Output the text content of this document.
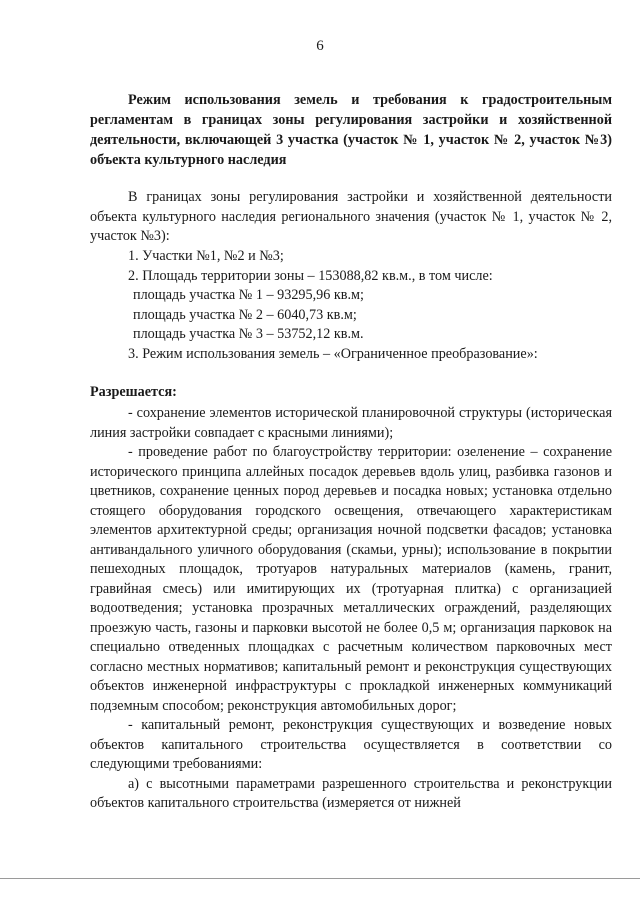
6

Режим использования земель и требования к градостроительным регламентам в границах зоны регулирования застройки и хозяйственной деятельности, включающей 3 участка (участок № 1, участок № 2, участок №3) объекта культурного наследия

В границах зоны регулирования застройки и хозяйственной деятельности объекта культурного наследия регионального значения (участок № 1, участок № 2, участок №3):

1. Участки №1, №2 и №3;
2. Площадь территории зоны – 153088,82 кв.м., в том числе:
площадь участка № 1 – 93295,96 кв.м;
площадь участка № 2 – 6040,73 кв.м;
площадь участка № 3 – 53752,12 кв.м.
3. Режим использования земель – «Ограниченное преобразование»:

Разрешается:

- сохранение элементов исторической планировочной структуры (историческая линия застройки совпадает с красными линиями);

- проведение работ по благоустройству территории: озеленение – сохранение исторического принципа аллейных посадок деревьев вдоль улиц, разбивка газонов и цветников, сохранение ценных пород деревьев и посадка новых; установка отдельно стоящего оборудования городского освещения, отвечающего характеристикам элементов архитектурной среды; организация ночной подсветки фасадов; установка антивандального уличного оборудования (скамьи, урны); использование в покрытии пешеходных площадок, тротуаров натуральных материалов (камень, гранит, гравийная смесь) или имитирующих их (тротуарная плитка) с организацией водоотведения; установка прозрачных металлических ограждений, разделяющих проезжую часть, газоны и парковки высотой не более 0,5 м; организация парковок на специально отведенных площадках с расчетным количеством парковочных мест согласно местных нормативов; капитальный ремонт и реконструкция существующих объектов инженерной инфраструктуры с прокладкой инженерных коммуникаций подземным способом; реконструкция автомобильных дорог;

- капитальный ремонт, реконструкция существующих и возведение новых объектов капитального строительства осуществляется в соответствии со следующими требованиями:

а) с высотными параметрами разрешенного строительства и реконструкции объектов капитального строительства (измеряется от нижней
